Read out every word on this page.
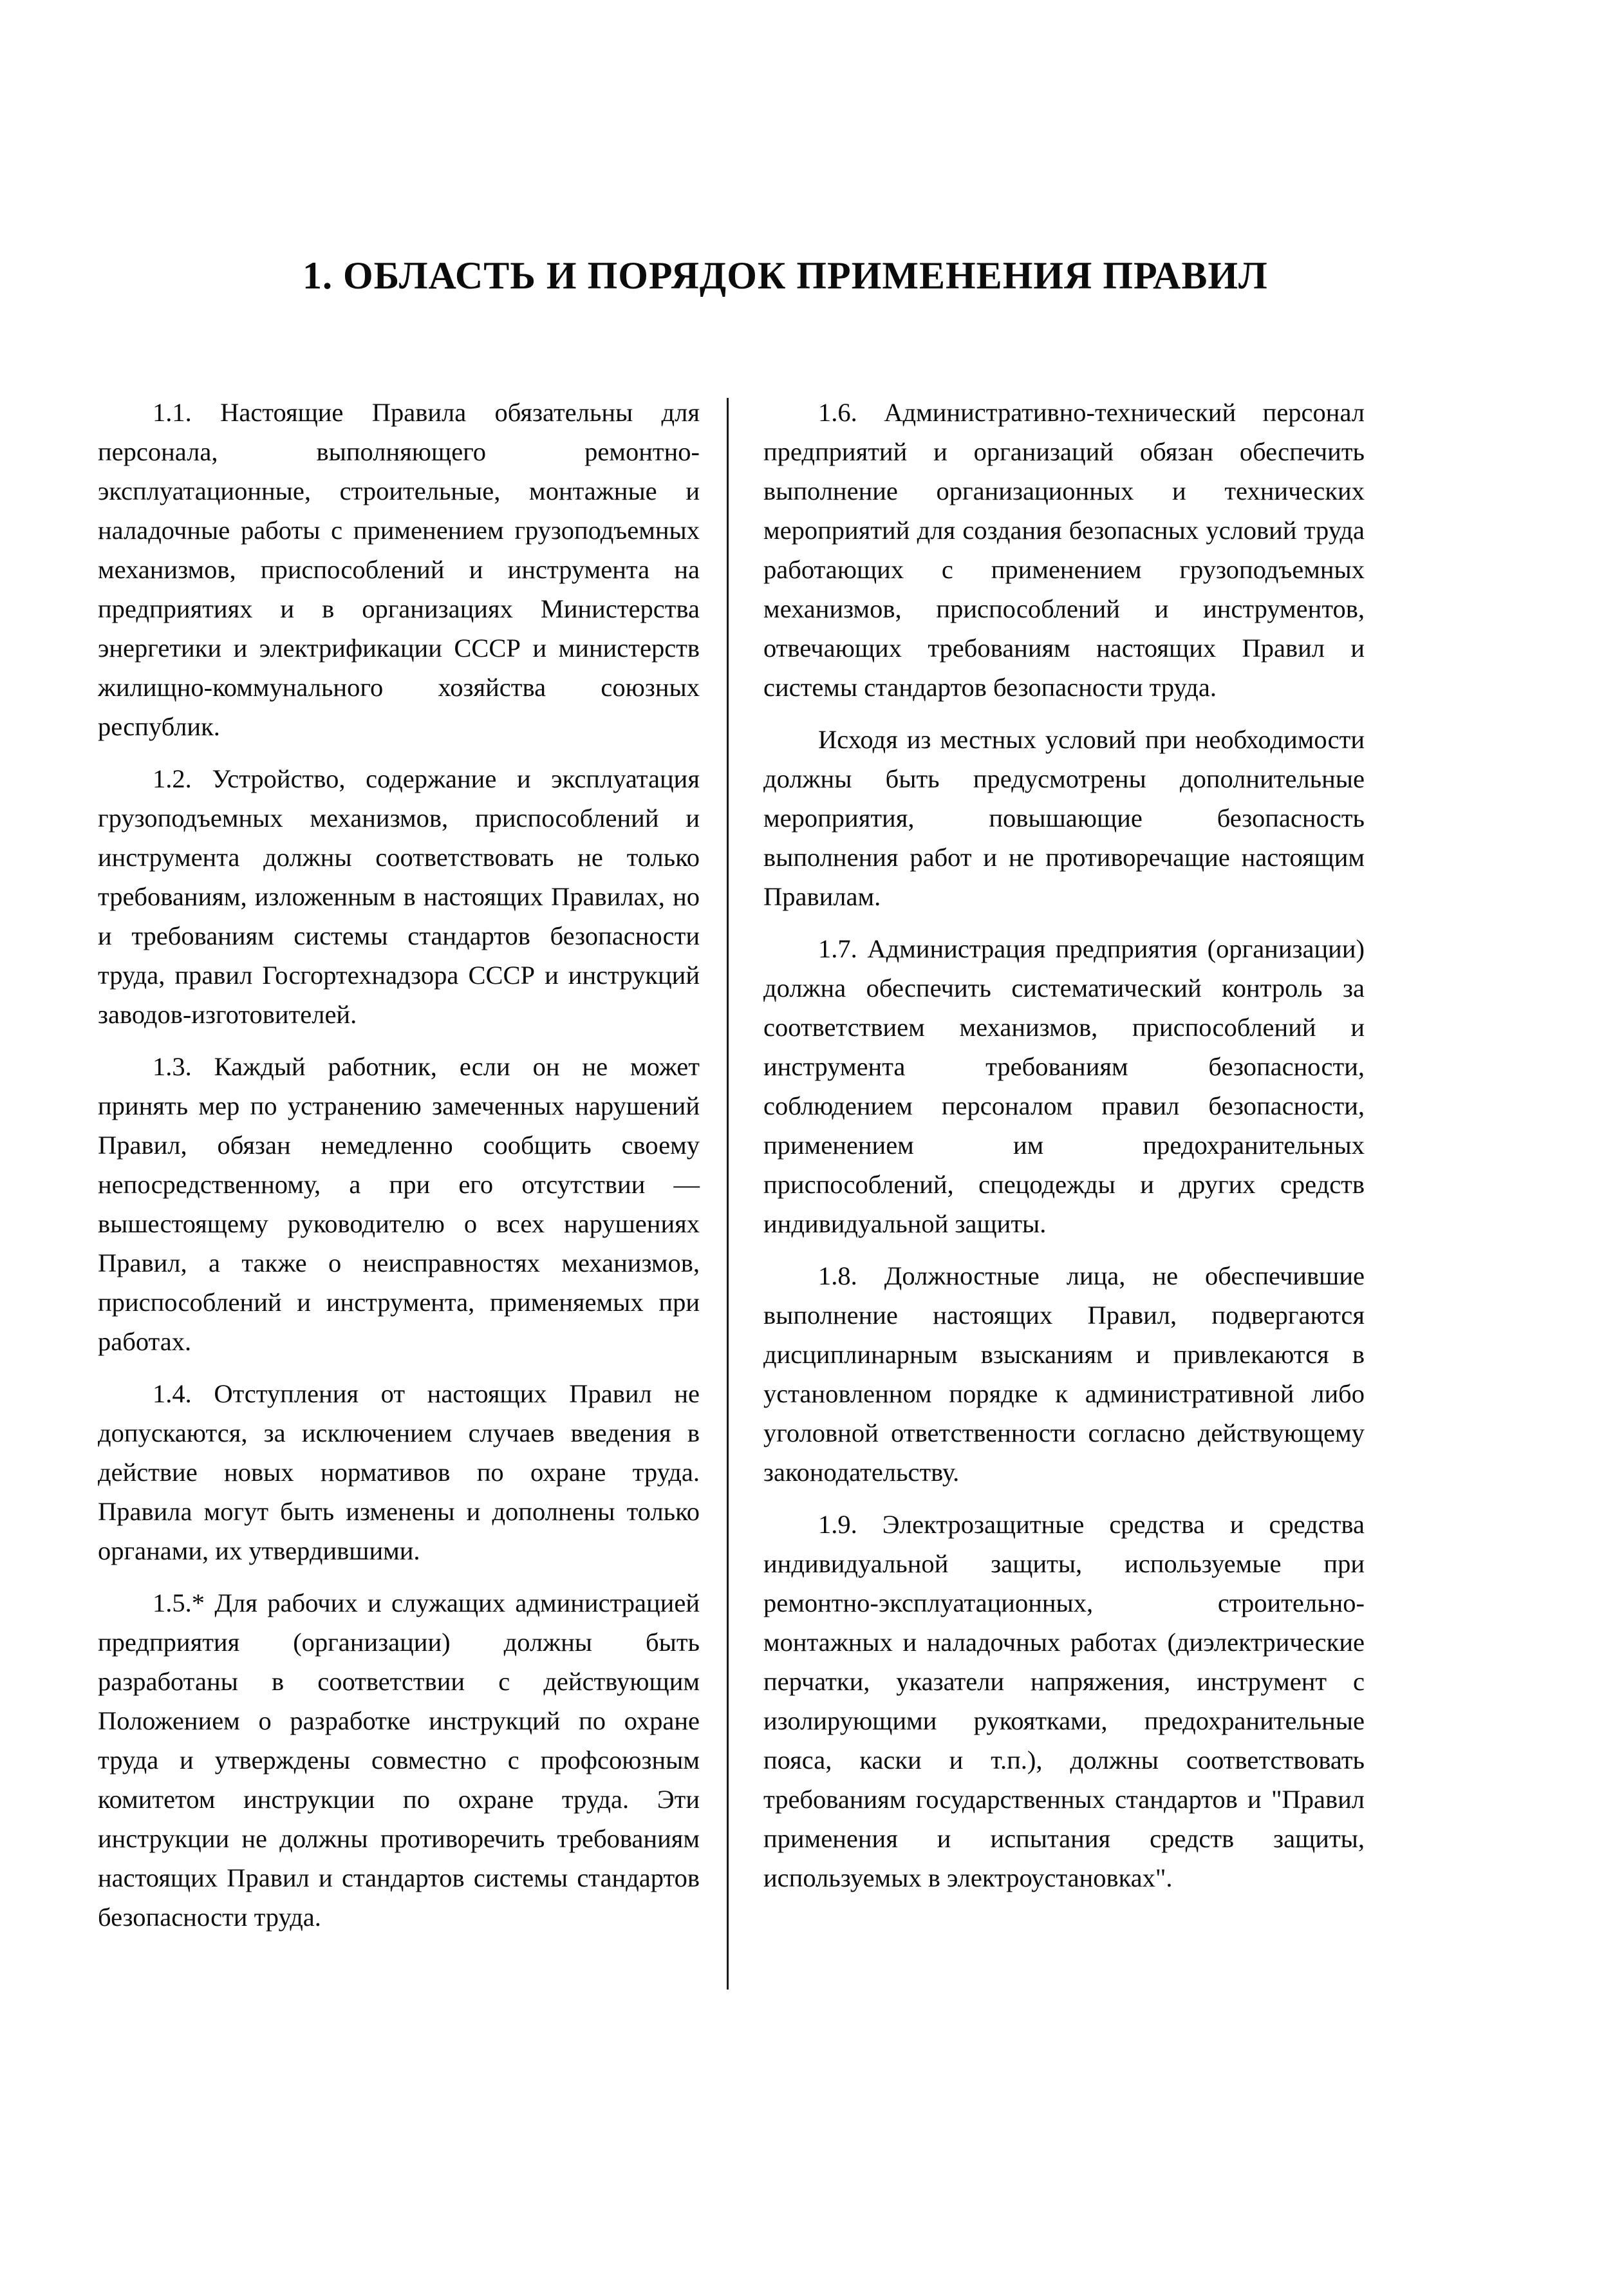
1. ОБЛАСТЬ И ПОРЯДОК ПРИМЕНЕНИЯ ПРАВИЛ

1.1. Настоящие Правила обязательны для персонала, выполняющего ремонтно-эксплуатационные, строительные, монтажные и наладочные работы с применением грузоподъемных механизмов, приспособлений и инструмента на предприятиях и в организациях Министерства энергетики и электрификации СССР и министерств жилищно-коммунального хозяйства союзных республик.

1.2. Устройство, содержание и эксплуатация грузоподъемных механизмов, приспособлений и инструмента должны соответствовать не только требованиям, изложенным в настоящих Правилах, но и требованиям системы стандартов безопасности труда, правил Госгортехнадзора СССР и инструкций заводов-изготовителей.

1.3. Каждый работник, если он не может принять мер по устранению замеченных нарушений Правил, обязан немедленно сообщить своему непосредственному, а при его отсутствии — вышестоящему руководителю о всех нарушениях Правил, а также о неисправностях механизмов, приспособлений и инструмента, применяемых при работах.

1.4. Отступления от настоящих Правил не допускаются, за исключением случаев введения в действие новых нормативов по охране труда. Правила могут быть изменены и дополнены только органами, их утвердившими.

1.5.* Для рабочих и служащих администрацией предприятия (организации) должны быть разработаны в соответствии с действующим Положением о разработке инструкций по охране труда и утверждены совместно с профсоюзным комитетом инструкции по охране труда. Эти инструкции не должны противоречить требованиям настоящих Правил и стандартов системы стандартов безопасности труда.

1.6. Административно-технический персонал предприятий и организаций обязан обеспечить выполнение организационных и технических мероприятий для создания безопасных условий труда работающих с применением грузоподъемных механизмов, приспособлений и инструментов, отвечающих требованиям настоящих Правил и системы стандартов безопасности труда.

Исходя из местных условий при необходимости должны быть предусмотрены дополнительные мероприятия, повышающие безопасность выполнения работ и не противоречащие настоящим Правилам.

1.7. Администрация предприятия (организации) должна обеспечить систематический контроль за соответствием механизмов, приспособлений и инструмента требованиям безопасности, соблюдением персоналом правил безопасности, применением им предохранительных приспособлений, спецодежды и других средств индивидуальной защиты.

1.8. Должностные лица, не обеспечившие выполнение настоящих Правил, подвергаются дисциплинарным взысканиям и привлекаются в установленном порядке к административной либо уголовной ответственности согласно действующему законодательству.

1.9. Электрозащитные средства и средства индивидуальной защиты, используемые при ремонтно-эксплуатационных, строительно-монтажных и наладочных работах (диэлектрические перчатки, указатели напряжения, инструмент с изолирующими рукоятками, предохранительные пояса, каски и т.п.), должны соответствовать требованиям государственных стандартов и "Правил применения и испытания средств защиты, используемых в электроустановках".
